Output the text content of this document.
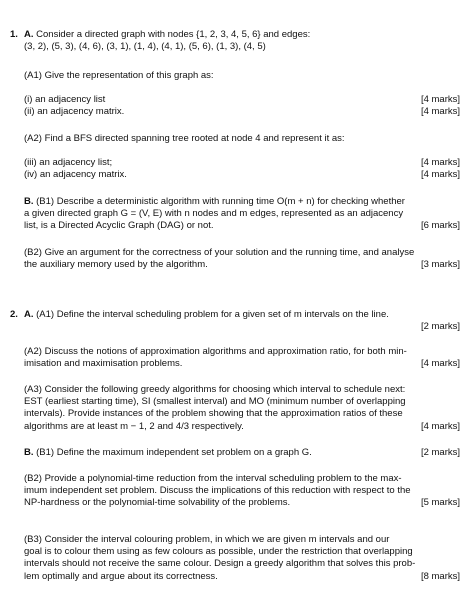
1. A. Consider a directed graph with nodes {1, 2, 3, 4, 5, 6} and edges:
(3, 2), (5, 3), (4, 6), (3, 1), (1, 4), (4, 1), (5, 6), (1, 3), (4, 5)
(A1) Give the representation of this graph as:
(i) an adjacency list	[4 marks]
(ii) an adjacency matrix.	[4 marks]
(A2) Find a BFS directed spanning tree rooted at node 4 and represent it as:
(iii) an adjacency list;	[4 marks]
(iv) an adjacency matrix.	[4 marks]
B. (B1) Describe a deterministic algorithm with running time O(m + n) for checking whether
a given directed graph G = (V, E) with n nodes and m edges, represented as an adjacency
list, is a Directed Acyclic Graph (DAG) or not.	[6 marks]
(B2) Give an argument for the correctness of your solution and the running time, and analyse
the auxiliary memory used by the algorithm.	[3 marks]
2. A. (A1) Define the interval scheduling problem for a given set of m intervals on the line.
[2 marks]
(A2) Discuss the notions of approximation algorithms and approximation ratio, for both min-
imisation and maximisation problems.	[4 marks]
(A3) Consider the following greedy algorithms for choosing which interval to schedule next:
EST (earliest starting time), SI (smallest interval) and MO (minimum number of overlapping
intervals). Provide instances of the problem showing that the approximation ratios of these
algorithms are at least m − 1, 2 and 4/3 respectively.	[4 marks]
B. (B1) Define the maximum independent set problem on a graph G.	[2 marks]
(B2) Provide a polynomial-time reduction from the interval scheduling problem to the max-
imum independent set problem. Discuss the implications of this reduction with respect to the
NP-hardness or the polynomial-time solvability of the problems.	[5 marks]
(B3) Consider the interval colouring problem, in which we are given m intervals and our
goal is to colour them using as few colours as possible, under the restriction that overlapping
intervals should not receive the same colour. Design a greedy algorithm that solves this prob-
lem optimally and argue about its correctness.	[8 marks]
